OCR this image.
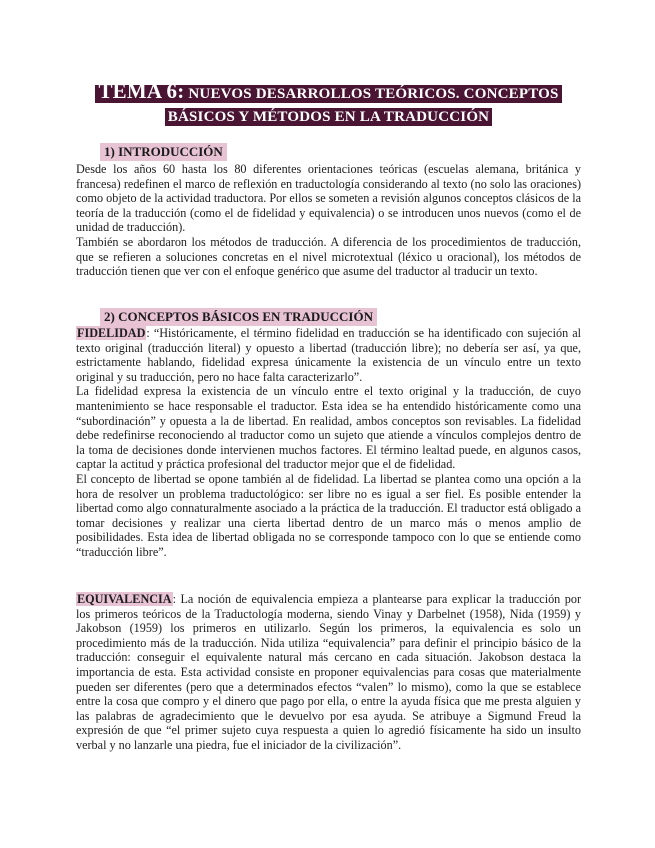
TEMA 6: NUEVOS DESARROLLOS TEÓRICOS. CONCEPTOS
BÁSICOS Y MÉTODOS EN LA TRADUCCIÓN
1) INTRODUCCIÓN

Desde los años 60 hasta los 80 diferentes orientaciones teóricas (escuelas alemana, británica y francesa) redefinen el marco de reflexión en traductología considerando al texto (no solo las oraciones) como objeto de la actividad traductora. Por ellos se someten a revisión algunos conceptos clásicos de la teoría de la traducción (como el de fidelidad y equivalencia) o se introducen unos nuevos (como el de unidad de traducción).

También se abordaron los métodos de traducción. A diferencia de los procedimientos de traducción, que se refieren a soluciones concretas en el nivel microtextual (léxico u oracional), los métodos de traducción tienen que ver con el enfoque genérico que asume del traductor al traducir un texto.

2) CONCEPTOS BÁSICOS EN TRADUCCIÓN

FIDELIDAD: “Históricamente, el término fidelidad en traducción se ha identificado con sujeción al texto original (traducción literal) y opuesto a libertad (traducción libre); no debería ser así, ya que, estrictamente hablando, fidelidad expresa únicamente la existencia de un vínculo entre un texto original y su traducción, pero no hace falta caracterizarlo”.

La fidelidad expresa la existencia de un vínculo entre el texto original y la traducción, de cuyo mantenimiento se hace responsable el traductor. Esta idea se ha entendido históricamente como una “subordinación” y opuesta a la de libertad. En realidad, ambos conceptos son revisables. La fidelidad debe redefinirse reconociendo al traductor como un sujeto que atiende a vínculos complejos dentro de la toma de decisiones donde intervienen muchos factores. El término lealtad puede, en algunos casos, captar la actitud y práctica profesional del traductor mejor que el de fidelidad.

El concepto de libertad se opone también al de fidelidad. La libertad se plantea como una opción a la hora de resolver un problema traductológico: ser libre no es igual a ser fiel. Es posible entender la libertad como algo connaturalmente asociado a la práctica de la traducción. El traductor está obligado a tomar decisiones y realizar una cierta libertad dentro de un marco más o menos amplio de posibilidades. Esta idea de libertad obligada no se corresponde tampoco con lo que se entiende como “traducción libre”.

EQUIVALENCIA: La noción de equivalencia empieza a plantearse para explicar la traducción por los primeros teóricos de la Traductología moderna, siendo Vinay y Darbelnet (1958), Nida (1959) y Jakobson (1959) los primeros en utilizarlo. Según los primeros, la equivalencia es solo un procedimiento más de la traducción. Nida utiliza “equivalencia” para definir el principio básico de la traducción: conseguir el equivalente natural más cercano en cada situación. Jakobson destaca la importancia de esta. Esta actividad consiste en proponer equivalencias para cosas que materialmente pueden ser diferentes (pero que a determinados efectos “valen” lo mismo), como la que se establece entre la cosa que compro y el dinero que pago por ella, o entre la ayuda física que me presta alguien y las palabras de agradecimiento que le devuelvo por esa ayuda. Se atribuye a Sigmund Freud la expresión de que “el primer sujeto cuya respuesta a quien lo agredió físicamente ha sido un insulto verbal y no lanzarle una piedra, fue el iniciador de la civilización”.
